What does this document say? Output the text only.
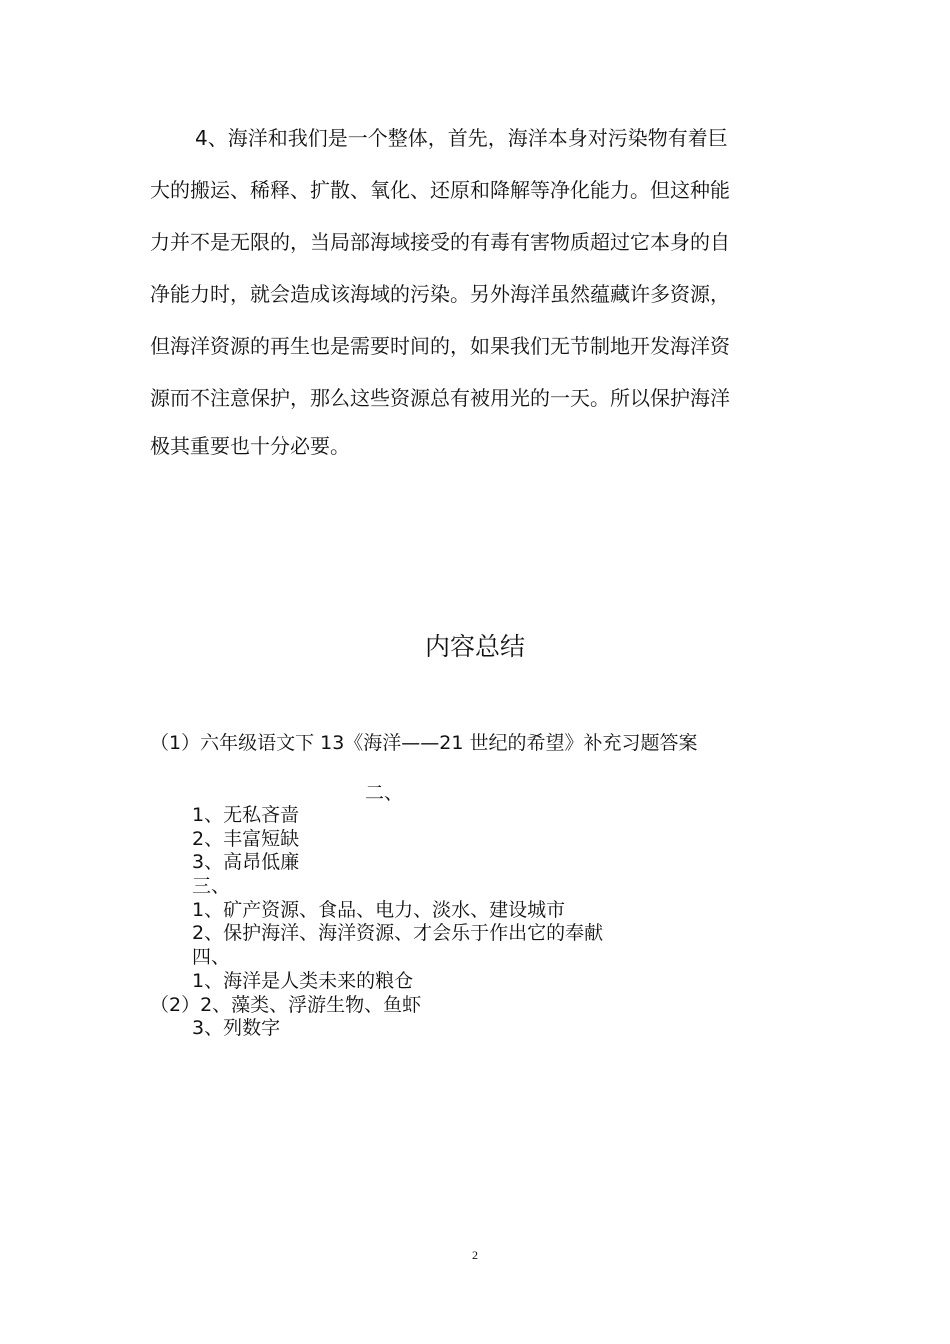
4、海洋和我们是一个整体，首先，海洋本身对污染物有着巨
大的搬运、稀释、扩散、氧化、还原和降解等净化能力。但这种能
力并不是无限的，当局部海域接受的有毒有害物质超过它本身的自
净能力时，就会造成该海域的污染。另外海洋虽然蕴藏许多资源，
但海洋资源的再生也是需要时间的，如果我们无节制地开发海洋资
源而不注意保护，那么这些资源总有被用光的一天。所以保护海洋
极其重要也十分必要。
内容总结
（1）六年级语文下 13《海洋——21 世纪的希望》补充习题答案
二、
1、无私吝啬
2、丰富短缺
3、高昂低廉
三、
1、矿产资源、食品、电力、淡水、建设城市
2、保护海洋、海洋资源、才会乐于作出它的奉献
四、
1、海洋是人类未来的粮仓
（2）2、藻类、浮游生物、鱼虾
3、列数字
2
